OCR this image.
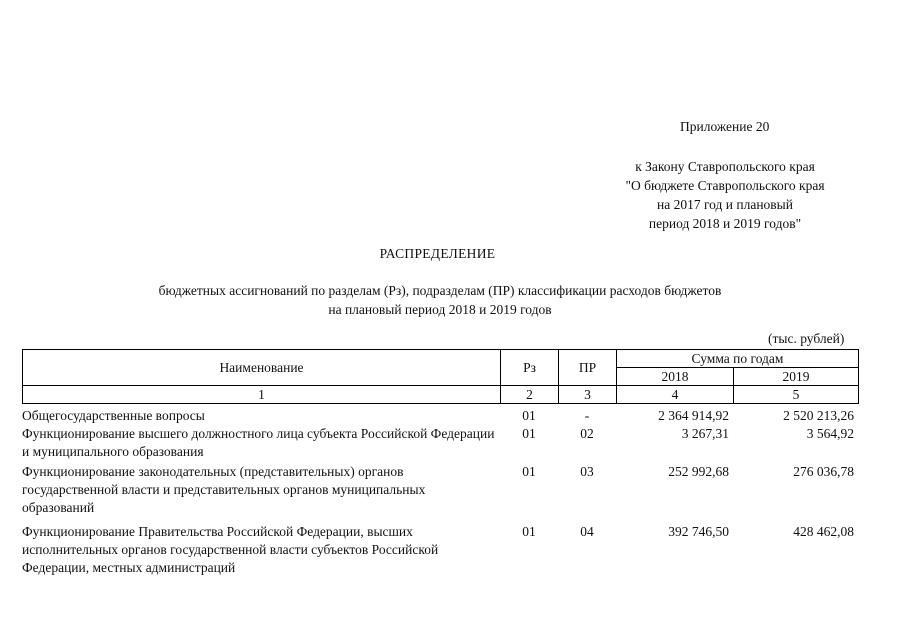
Приложение 20
к Закону Ставропольского края
"О бюджете Ставропольского края
на 2017 год и плановый
период 2018 и 2019 годов"
РАСПРЕДЕЛЕНИЕ
бюджетных ассигнований по разделам (Рз), подразделам (ПР) классификации расходов бюджетов
на плановый период 2018 и 2019 годов
(тыс. рублей)
Наименование	Рз	ПР	Сумма по годам	
			2018	2019
1	2	3	4	5
Общегосударственные вопросы	01	-	2 364 914,92	2 520 213,26
Функционирование высшего должностного лица субъекта Российской Федерации и муниципального образования	01	02	3 267,31	3 564,92
Функционирование законодательных (представительных) органов государственной власти и представительных органов муниципальных образований	01	03	252 992,68	276 036,78
Функционирование Правительства Российской Федерации, высших исполнительных органов государственной власти субъектов Российской Федерации, местных администраций	01	04	392 746,50	428 462,08
